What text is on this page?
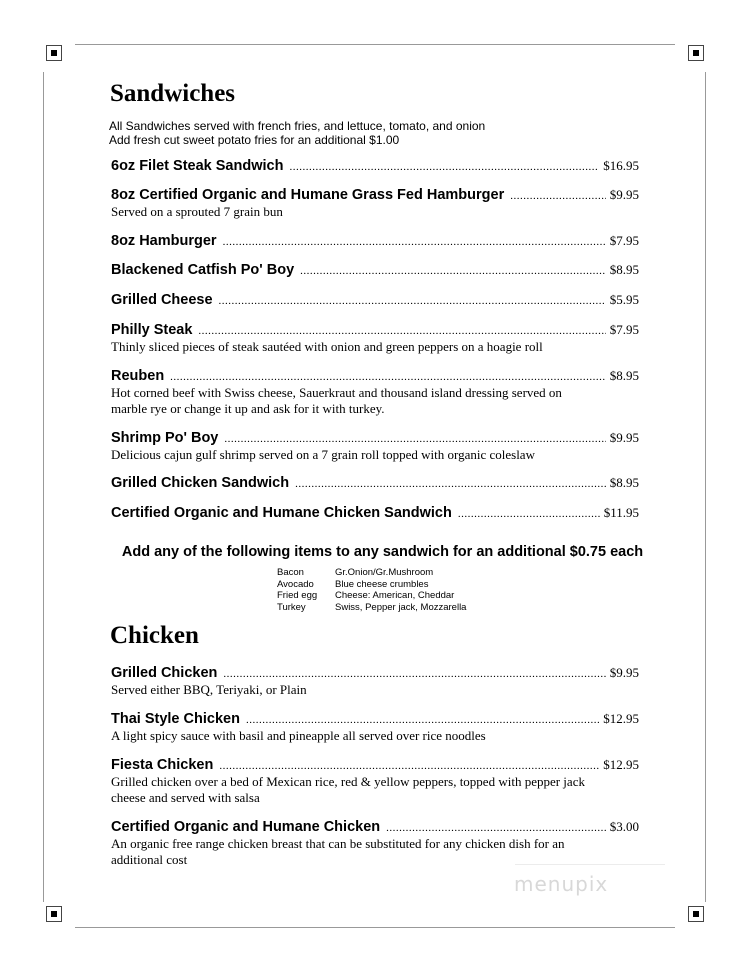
Sandwiches
All Sandwiches served with french fries, and lettuce, tomato, and onion
Add fresh cut sweet potato fries for an additional $1.00
6oz Filet Steak Sandwich .....	$16.95
8oz Certified Organic and Humane Grass Fed Hamburger .....	$9.95
Served on a sprouted 7 grain bun
8oz Hamburger .....	$7.95
Blackened Catfish Po' Boy .....	$8.95
Grilled Cheese .....	$5.95
Philly Steak .....	$7.95
Thinly sliced pieces of steak sautéed with onion and green peppers on a hoagie roll
Reuben .....	$8.95
Hot corned beef with Swiss cheese, Sauerkraut and thousand island dressing served on
marble rye or change it up and ask for it with turkey.
Shrimp Po' Boy .....	$9.95
Delicious cajun gulf shrimp served on a 7 grain roll topped with organic coleslaw
Grilled Chicken Sandwich .....	$8.95
Certified Organic and Humane Chicken Sandwich .....	$11.95
Add any of the following items to any sandwich for an additional $0.75 each
Bacon	Gr.Onion/Gr.Mushroom
Avocado	Blue cheese crumbles
Fried egg	Cheese: American, Cheddar
Turkey	Swiss, Pepper jack, Mozzarella
Chicken
Grilled Chicken .....	$9.95
Served either BBQ, Teriyaki, or Plain
Thai Style Chicken .....	$12.95
A light spicy sauce with basil and pineapple all served over rice noodles
Fiesta Chicken .....	$12.95
Grilled chicken over a bed of Mexican rice, red & yellow peppers, topped with pepper jack
cheese and served with salsa
Certified Organic and Humane Chicken .....	$3.00
An organic free range chicken breast that can be substituted for any chicken dish for an
additional cost
menupix
